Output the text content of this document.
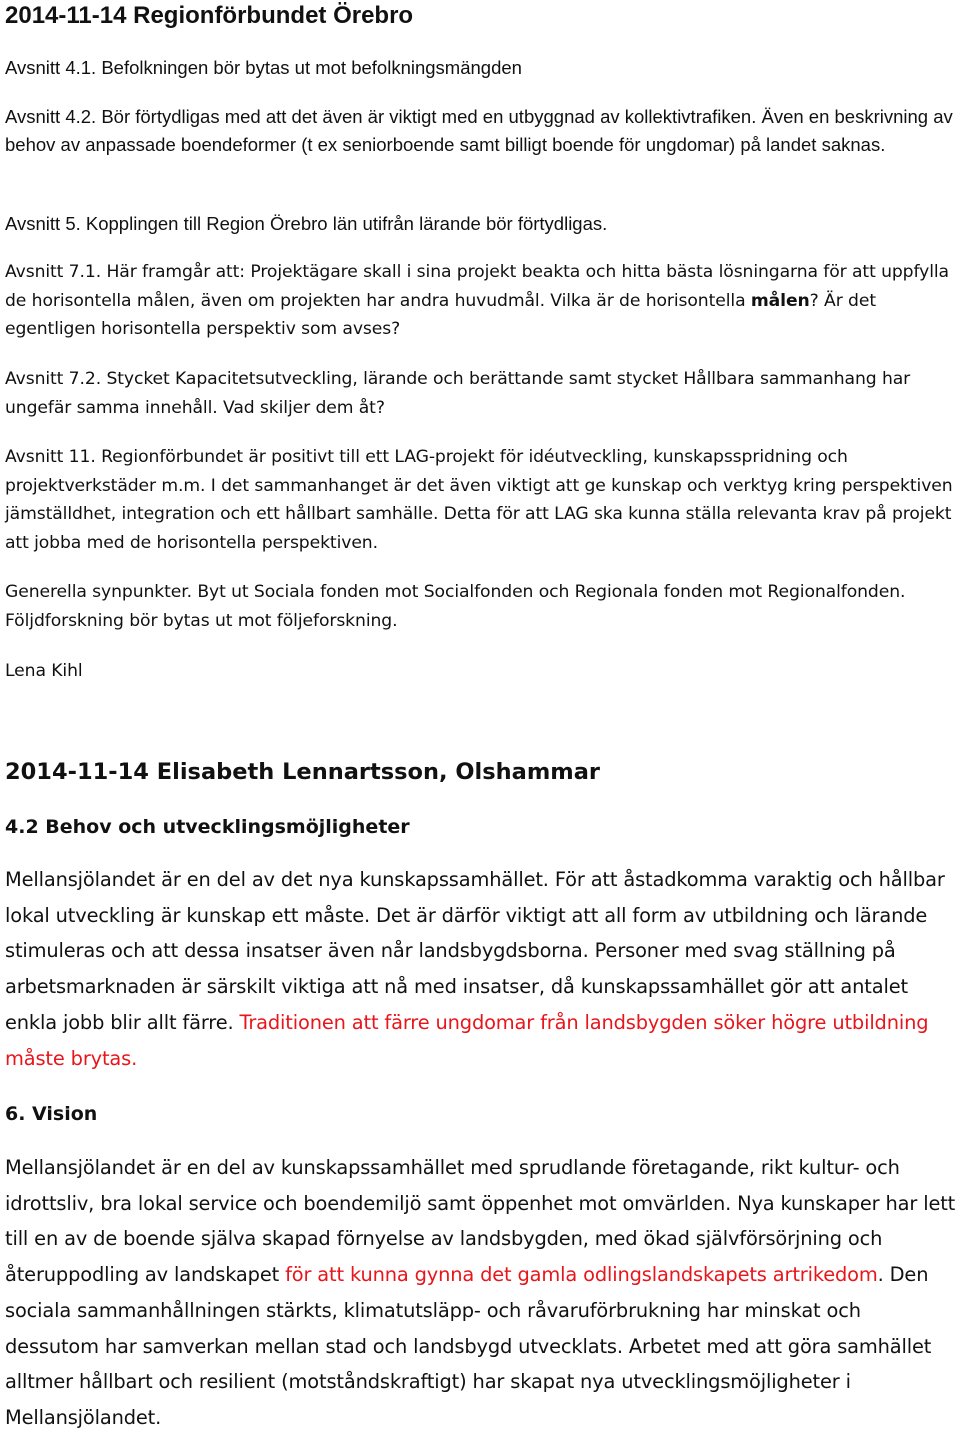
2014-11-14 Regionförbundet Örebro
Avsnitt 4.1. Befolkningen bör bytas ut mot befolkningsmängden
Avsnitt 4.2. Bör förtydligas med att det även är viktigt med en utbyggnad av kollektivtrafiken. Även en beskrivning av behov av anpassade boendeformer (t ex seniorboende samt billigt boende för ungdomar) på landet saknas.
Avsnitt 5. Kopplingen till Region Örebro län utifrån lärande bör förtydligas.
Avsnitt 7.1. Här framgår att: Projektägare skall i sina projekt beakta och hitta bästa lösningarna för att uppfylla de horisontella målen, även om projekten har andra huvudmål. Vilka är de horisontella målen? Är det egentligen horisontella perspektiv som avses?
Avsnitt 7.2. Stycket Kapacitetsutveckling, lärande och berättande samt stycket Hållbara sammanhang har ungefär samma innehåll. Vad skiljer dem åt?
Avsnitt 11. Regionförbundet är positivt till ett LAG-projekt för idéutveckling, kunskapsspridning och projektverkstäder m.m. I det sammanhanget är det även viktigt att ge kunskap och verktyg kring perspektiven jämställdhet, integration och ett hållbart samhälle. Detta för att LAG ska kunna ställa relevanta krav på projekt att jobba med de horisontella perspektiven.
Generella synpunkter. Byt ut Sociala fonden mot Socialfonden och Regionala fonden mot Regionalfonden. Följdforskning bör bytas ut mot följeforskning.
Lena Kihl
2014-11-14 Elisabeth Lennartsson, Olshammar
4.2 Behov och utvecklingsmöjligheter
Mellansjölandet är en del av det nya kunskapssamhället. För att åstadkomma varaktig och hållbar lokal utveckling är kunskap ett måste. Det är därför viktigt att all form av utbildning och lärande stimuleras och att dessa insatser även når landsbygdsborna. Personer med svag ställning på arbetsmarknaden är särskilt viktiga att nå med insatser, då kunskapssamhället gör att antalet enkla jobb blir allt färre. Traditionen att färre ungdomar från landsbygden söker högre utbildning måste brytas.
6. Vision
Mellansjölandet är en del av kunskapssamhället med sprudlande företagande, rikt kultur- och idrottsliv, bra lokal service och boendemiljö samt öppenhet mot omvärlden. Nya kunskaper har lett till en av de boende själva skapad förnyelse av landsbygden, med ökad självförsörjning och återuppodling av landskapet för att kunna gynna det gamla odlingslandskapets artrikedom. Den sociala sammanhållningen stärkts, klimatutsläpp- och råvaruförbrukning har minskat och dessutom har samverkan mellan stad och landsbygd utvecklats. Arbetet med att göra samhället alltmer hållbart och resilient (motståndskraftigt) har skapat nya utvecklingsmöjligheter i Mellansjölandet.
